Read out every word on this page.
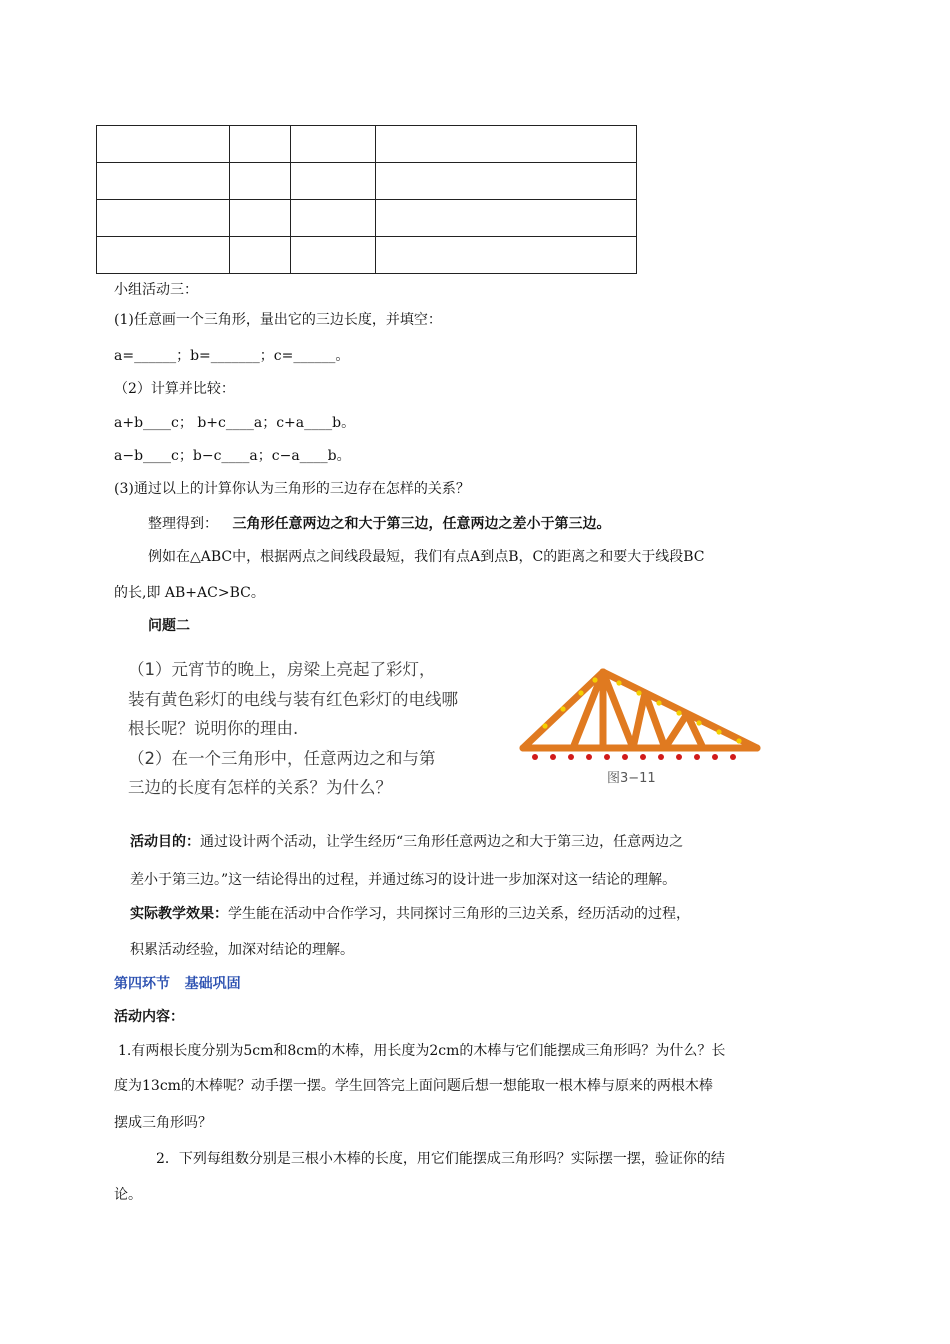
小组活动三：
(1)任意画一个三角形，量出它的三边长度，并填空：
a=______；b=_______；c=______。
（2）计算并比较：
a+b____c； b+c____a；c+a____b。
a−b____c；b−c____a；c−a____b。
(3)通过以上的计算你认为三角形的三边存在怎样的关系？
整理得到： 三角形任意两边之和大于第三边，任意两边之差小于第三边。
例如在△ABC中，根据两点之间线段最短，我们有点A到点B，C的距离之和要大于线段BC
的长,即 AB+AC>BC。
问题二
（1）元宵节的晚上，房梁上亮起了彩灯，
装有黄色彩灯的电线与装有红色彩灯的电线哪
根长呢？说明你的理由.
（2）在一个三角形中，任意两边之和与第
三边的长度有怎样的关系？为什么？	图3−11
活动目的：通过设计两个活动，让学生经历“三角形任意两边之和大于第三边，任意两边之
差小于第三边。”这一结论得出的过程，并通过练习的设计进一步加深对这一结论的理解。
实际教学效果：学生能在活动中合作学习，共同探讨三角形的三边关系，经历活动的过程，
积累活动经验，加深对结论的理解。
第四环节   基础巩固
活动内容：
1.有两根长度分别为5cm和8cm的木棒，用长度为2cm的木棒与它们能摆成三角形吗？为什么？长
度为13cm的木棒呢？动手摆一摆。学生回答完上面问题后想一想能取一根木棒与原来的两根木棒
摆成三角形吗？
2．下列每组数分别是三根小木棒的长度，用它们能摆成三角形吗？实际摆一摆，验证你的结
论。
